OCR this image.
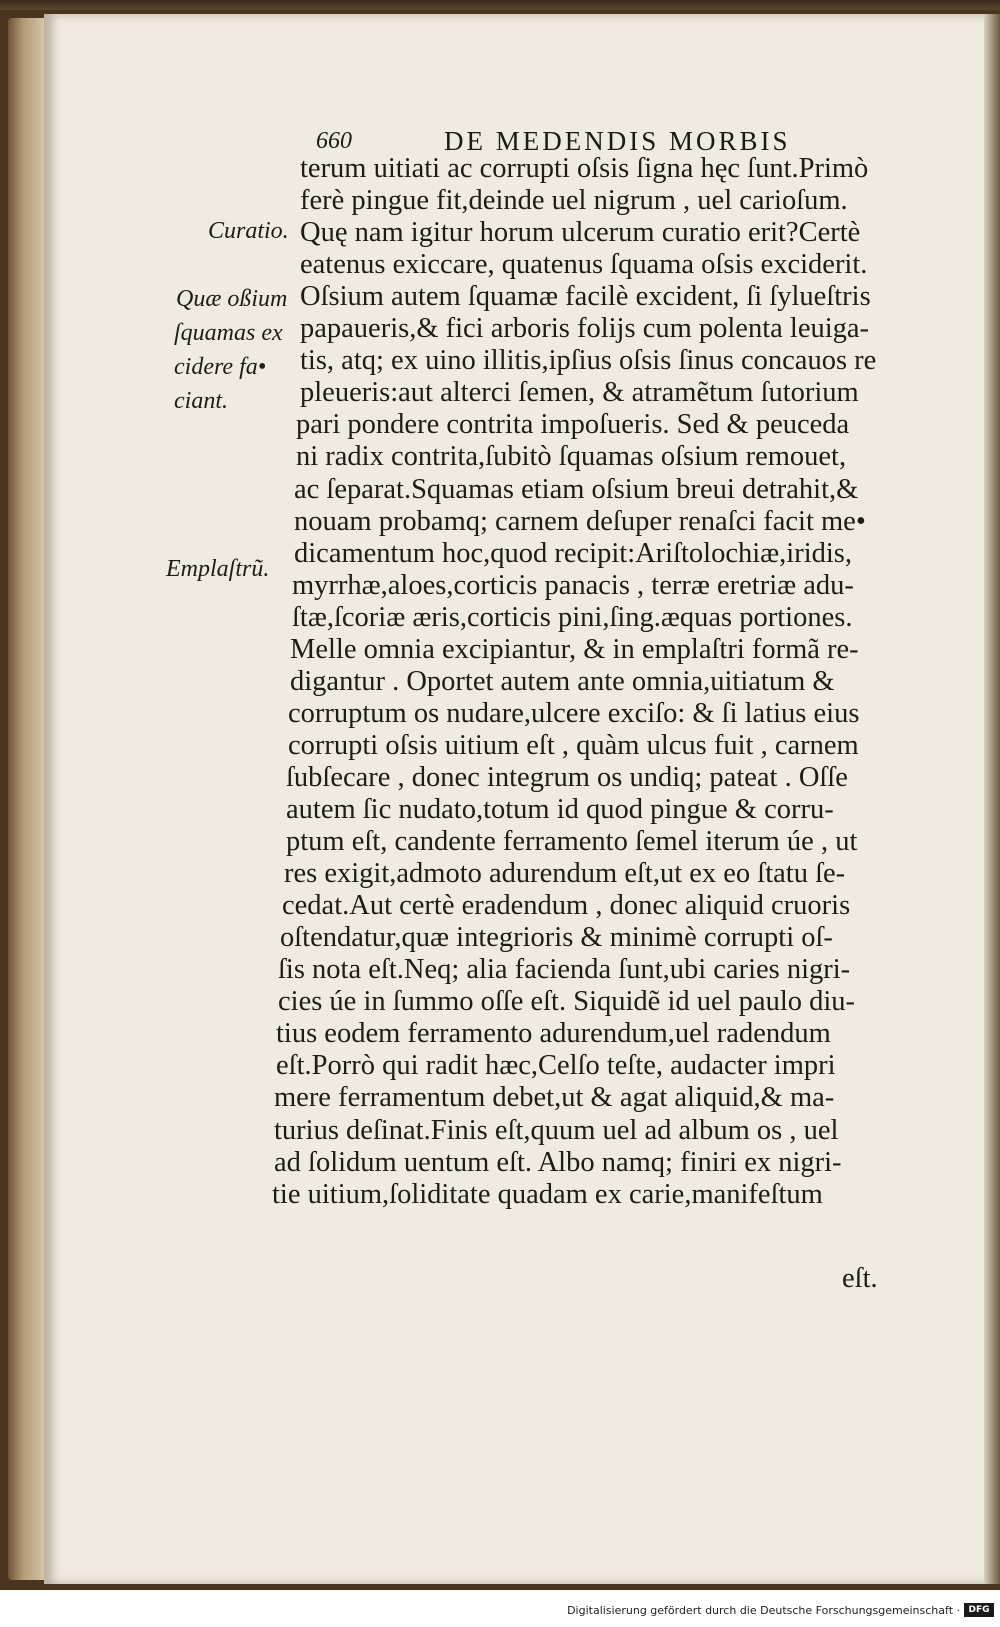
660	DE MEDENDIS MORBIS
Curatio.
Quæ oßium
ſquamas ex
cidere fa•
ciant.
Emplaſtrũ.
terum uitiati ac corrupti oſsis ſigna hęc ſunt.Primò
ferè pingue fit,deinde uel nigrum , uel carioſum.
Quę nam igitur horum ulcerum curatio erit?Certè
eatenus exiccare, quatenus ſquama oſsis exciderit.
Oſsium autem ſquamæ facilè excident, ſi ſylueſtris
papaueris,& fici arboris folijs cum polenta leuiga-
tis, atq; ex uino illitis,ipſius oſsis ſinus concauos re
pleueris:aut alterci ſemen, & atramẽtum ſutorium
pari pondere contrita impoſueris. Sed & peuceda
ni radix contrita,ſubitò ſquamas oſsium remouet,
ac ſeparat.Squamas etiam oſsium breui detrahit,&
nouam probamq; carnem deſuper renaſci facit me•
dicamentum hoc,quod recipit:Ariſtolochiæ,iridis,
myrrhæ,aloes,corticis panacis , terræ eretriæ adu-
ſtæ,ſcoriæ æris,corticis pini,ſing.æquas portiones.
Melle omnia excipiantur, & in emplaſtri formã re-
digantur . Oportet autem ante omnia,uitiatum &
corruptum os nudare,ulcere exciſo: & ſi latius eius
corrupti oſsis uitium eſt , quàm ulcus fuit , carnem
ſubſecare , donec integrum os undiq; pateat . Oſſe
autem ſic nudato,totum id quod pingue & corru-
ptum eſt, candente ferramento ſemel iterum úe , ut
res exigit,admoto adurendum eſt,ut ex eo ſtatu ſe-
cedat.Aut certè eradendum , donec aliquid cruoris
oſtendatur,quæ integrioris & minimè corrupti oſ-
ſis nota eſt.Neq; alia facienda ſunt,ubi caries nigri-
cies úe in ſummo oſſe eſt. Siquidẽ id uel paulo diu-
tius eodem ferramento adurendum,uel radendum
eſt.Porrò qui radit hæc,Celſo teſte, audacter impri
mere ferramentum debet,ut & agat aliquid,& ma-
turius deſinat.Finis eſt,quum uel ad album os , uel
ad ſolidum uentum eſt. Albo namq; finiri ex nigri-
tie uitium,ſoliditate quadam ex carie,manifeſtum
eſt.
Digitalisierung gefördert durch die Deutsche Forschungsgemeinschaft · DFG
